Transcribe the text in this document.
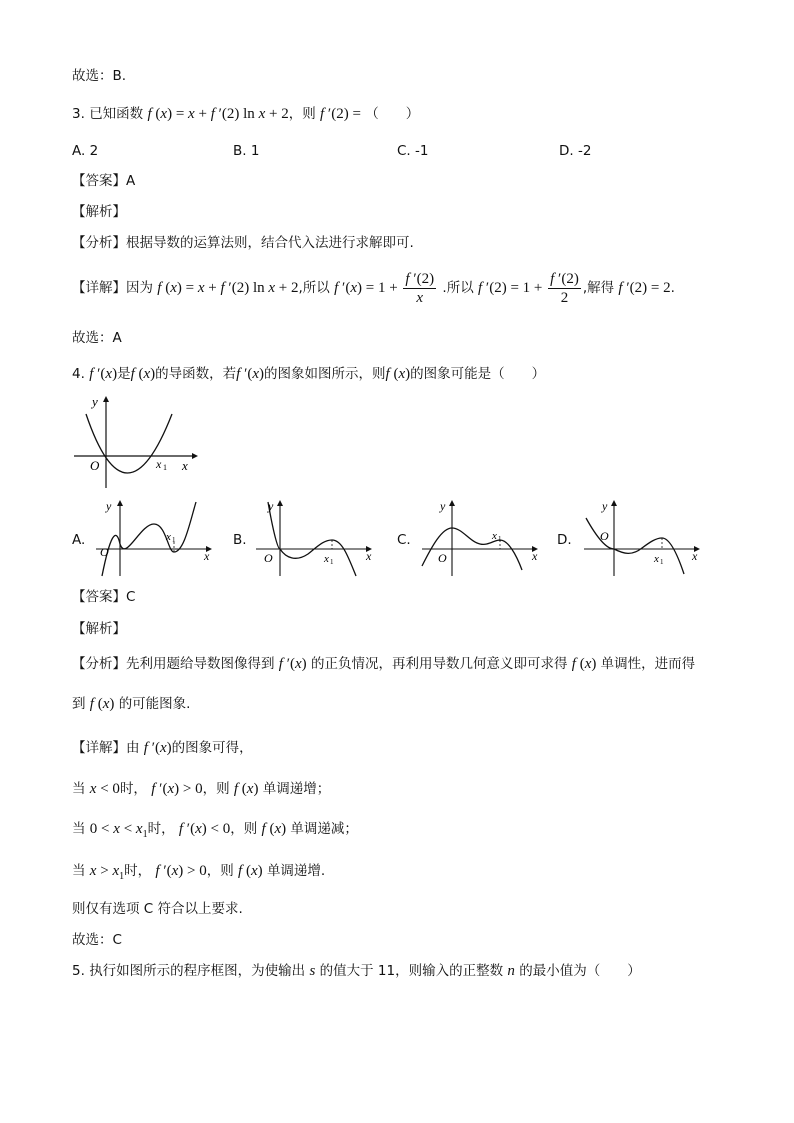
故选：B.
3. 已知函数 f (x) = x + f ′(2) ln x + 2，则 f ′(2) = （　　）
A. 2	B. 1	C. -1	D. -2
【答案】A
【解析】
【分析】根据导数的运算法则，结合代入法进行求解即可.
【详解】因为 f (x) = x + f ′(2) ln x + 2,所以 f $'(x) = 1 + \frac{f '(2)}{x}$ .所以 f $'(2) = 1 + \frac{f '(2)}{2}$ ,解得 f ′(2) = 2.
故选：A
4. f ′(x)是f (x)的导函数，若f ′(x)的图象如图所示，则f (x)的图象可能是（　　）
y
x
O	x 1
A.
y
x
O
x 1	B.
y
x
O	x 1
C.
y
x
O
x 1	D.
y
x
O
x 1
【答案】C
【解析】
【分析】先利用题给导数图像得到 f ′(x) 的正负情况，再利用导数几何意义即可求得 f (x) 单调性，进而得
到 f (x) 的可能图象.
【详解】由 f ′(x)的图象可得，
当 x < 0时， f ′(x) > 0，则 f (x) 单调递增；
当 $0 < x < x_1$时， f ′(x) < 0，则 f (x) 单调递减；
当 $x > x_1$时， f ′(x) > 0，则 f (x) 单调递增.
则仅有选项 C 符合以上要求.
故选：C
5. 执行如图所示的程序框图，为使输出 s 的值大于 11，则输入的正整数 n 的最小值为（　　）
